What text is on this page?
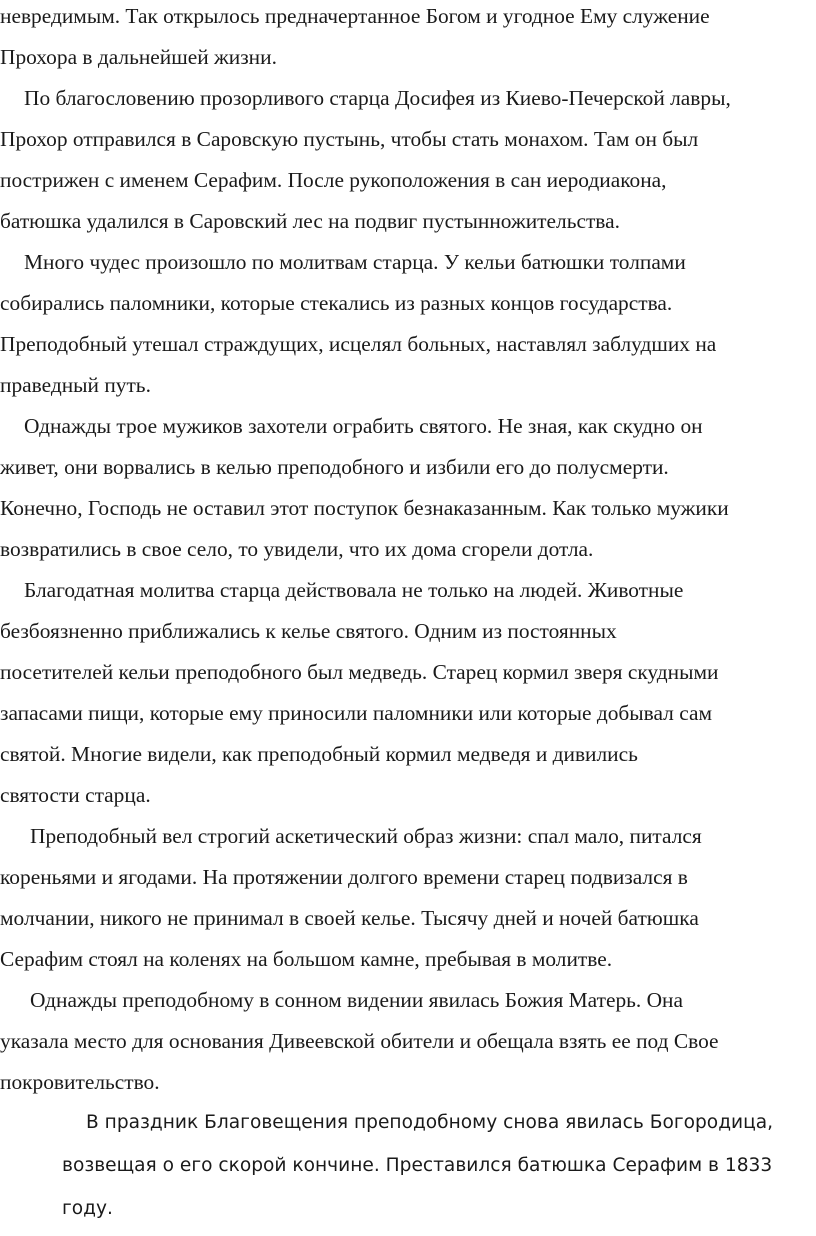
невредимым. Так открылось предначертанное Богом и угодное Ему служение
Прохора в дальнейшей жизни.
По благословению прозорливого старца Досифея из Киево-Печерской лавры,
Прохор отправился в Саровскую пустынь, чтобы стать монахом. Там он был
пострижен с именем Серафим. После рукоположения в сан иеродиакона,
батюшка удалился в Саровский лес на подвиг пустынножительства.
Много чудес произошло по молитвам старца. У кельи батюшки толпами
собирались паломники, которые стекались из разных концов государства.
Преподобный утешал страждущих, исцелял больных, наставлял заблудших на
праведный путь.
Однажды трое мужиков захотели ограбить святого. Не зная, как скудно он
живет, они ворвались в келью преподобного и избили его до полусмерти.
Конечно, Господь не оставил этот поступок безнаказанным. Как только мужики
возвратились в свое село, то увидели, что их дома сгорели дотла.
Благодатная молитва старца действовала не только на людей. Животные
безбоязненно приближались к келье святого. Одним из постоянных
посетителей кельи преподобного был медведь. Старец кормил зверя скудными
запасами пищи, которые ему приносили паломники или которые добывал сам
святой. Многие видели, как преподобный кормил медведя и дивились
святости старца.
Преподобный вел строгий аскетический образ жизни: спал мало, питался
кореньями и ягодами. На протяжении долгого времени старец подвизался в
молчании, никого не принимал в своей келье. Тысячу дней и ночей батюшка
Серафим стоял на коленях на большом камне, пребывая в молитве.
Однажды преподобному в сонном видении явилась Божия Матерь. Она
указала место для основания Дивеевской обители и обещала взять ее под Свое
покровительство.
В праздник Благовещения преподобному снова явилась Богородица,
возвещая о его скорой кончине. Преставился батюшка Серафим в 1833
году.
